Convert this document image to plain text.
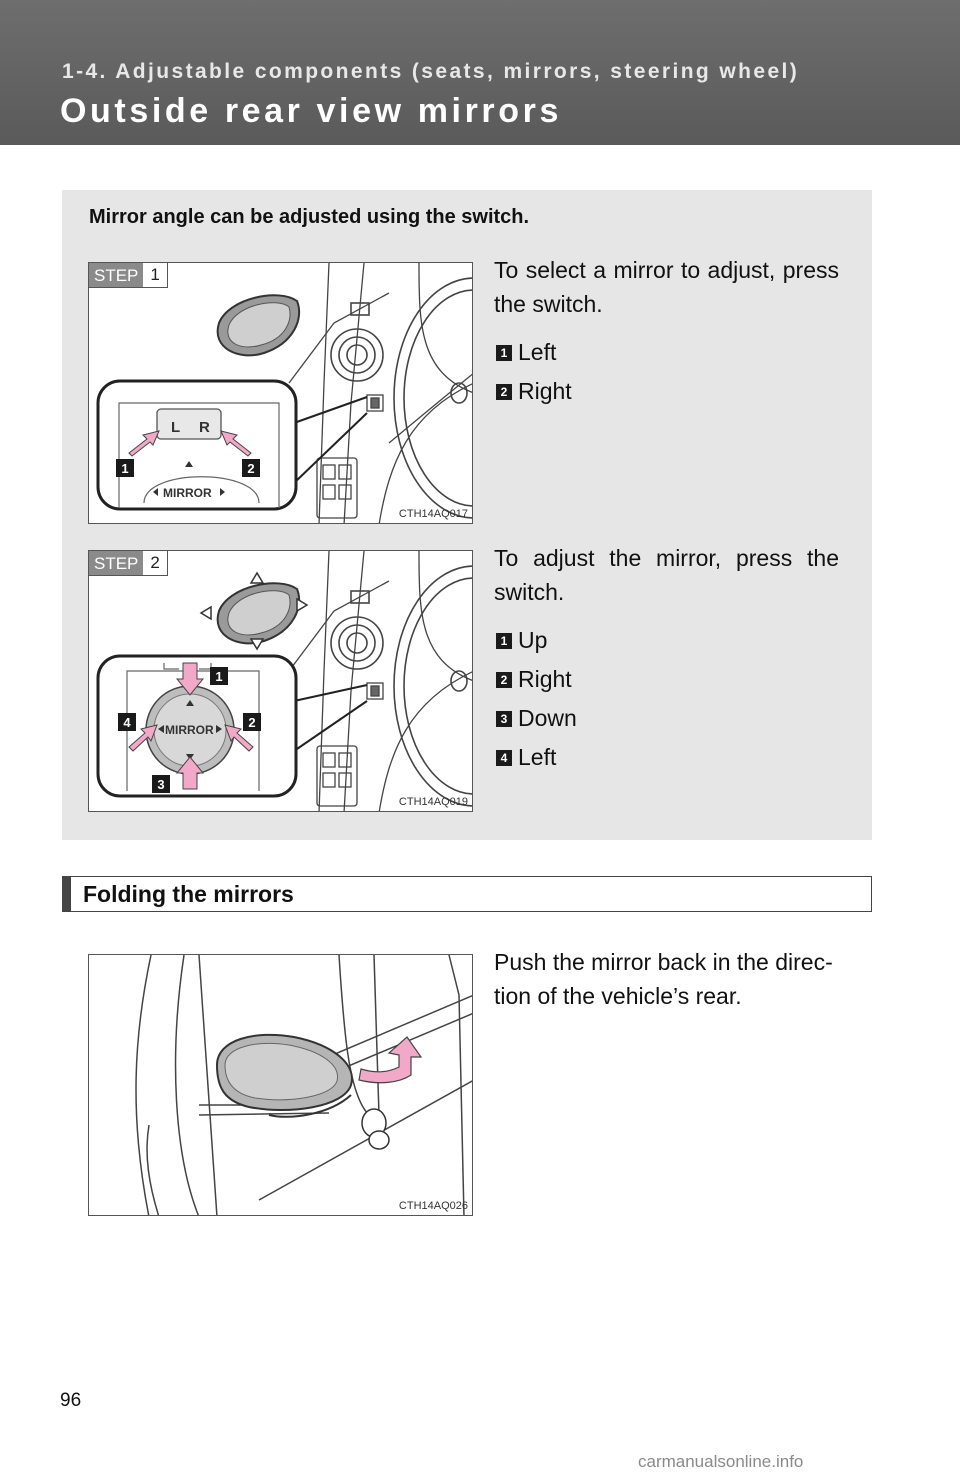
1-4. Adjustable components (seats, mirrors, steering wheel)
Outside rear view mirrors
Mirror angle can be adjusted using the switch.
L R
MIRROR
1	2
STEP 1
CTH14AQ017
To select a mirror to adjust, press the switch.
1 Left
2 Right
MIRROR
1
2
3
4
STEP 2
CTH14AQ019
To adjust the mirror, press the switch.
1 Up
2 Right
3 Down
4 Left
Folding the mirrors
CTH14AQ026
Push the mirror back in the direc- tion of the vehicle’s rear.
96
carmanualsonline.info
